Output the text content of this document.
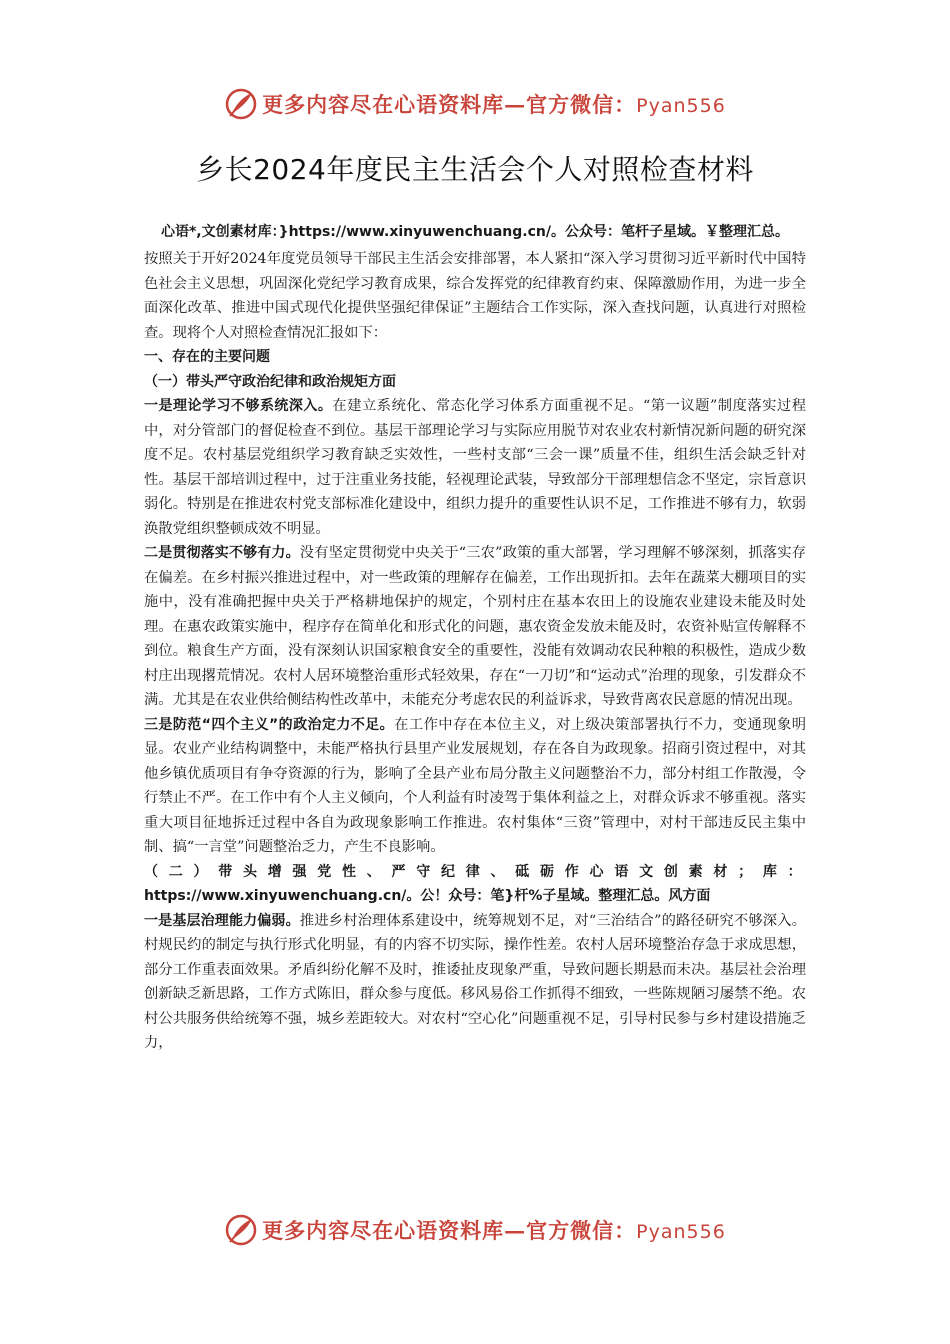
更多内容尽在心语资料库—官方微信：Pyan556
乡长2024年度民主生活会个人对照检查材料

心语*,文创素材库：}https://www.xinyuwenchuang.cn/。公众号：笔杆子星域。￥整理汇总。

按照关于开好2024年度党员领导干部民主生活会安排部署，本人紧扣“深入学习贯彻习近平新时代中国特色社会主义思想，巩固深化党纪学习教育成果，综合发挥党的纪律教育约束、保障激励作用，为进一步全面深化改革、推进中国式现代化提供坚强纪律保证”主题结合工作实际，深入查找问题，认真进行对照检查。现将个人对照检查情况汇报如下：

一、存在的主要问题

（一）带头严守政治纪律和政治规矩方面

一是理论学习不够系统深入。在建立系统化、常态化学习体系方面重视不足。“第一议题”制度落实过程中，对分管部门的督促检查不到位。基层干部理论学习与实际应用脱节对农业农村新情况新问题的研究深度不足。农村基层党组织学习教育缺乏实效性，一些村支部“三会一课”质量不佳，组织生活会缺乏针对性。基层干部培训过程中，过于注重业务技能，轻视理论武装，导致部分干部理想信念不坚定，宗旨意识弱化。特别是在推进农村党支部标准化建设中，组织力提升的重要性认识不足，工作推进不够有力，软弱涣散党组织整顿成效不明显。

二是贯彻落实不够有力。没有坚定贯彻党中央关于“三农”政策的重大部署，学习理解不够深刻，抓落实存在偏差。在乡村振兴推进过程中，对一些政策的理解存在偏差，工作出现折扣。去年在蔬菜大棚项目的实施中，没有准确把握中央关于严格耕地保护的规定，个别村庄在基本农田上的设施农业建设未能及时处理。在惠农政策实施中，程序存在简单化和形式化的问题，惠农资金发放未能及时，农资补贴宣传解释不到位。粮食生产方面，没有深刻认识国家粮食安全的重要性，没能有效调动农民种粮的积极性，造成少数村庄出现撂荒情况。农村人居环境整治重形式轻效果，存在“一刀切”和“运动式”治理的现象，引发群众不满。尤其是在农业供给侧结构性改革中，未能充分考虑农民的利益诉求，导致背离农民意愿的情况出现。

三是防范“四个主义”的政治定力不足。在工作中存在本位主义，对上级决策部署执行不力，变通现象明显。农业产业结构调整中，未能严格执行县里产业发展规划，存在各自为政现象。招商引资过程中，对其他乡镇优质项目有争夺资源的行为，影响了全县产业布局分散主义问题整治不力，部分村组工作散漫，令行禁止不严。在工作中有个人主义倾向，个人利益有时凌驾于集体利益之上，对群众诉求不够重视。落实重大项目征地拆迁过程中各自为政现象影响工作推进。农村集体“三资”管理中，对村干部违反民主集中制、搞“一言堂”问题整治乏力，产生不良影响。

（二）带头增强党性、严守纪律、砥砺作心语文创素材；库： https://www.xinyuwenchuang.cn/。公！众号：笔}杆%子星域。整理汇总。风方面

一是基层治理能力偏弱。推进乡村治理体系建设中，统筹规划不足，对“三治结合”的路径研究不够深入。村规民约的制定与执行形式化明显，有的内容不切实际，操作性差。农村人居环境整治存急于求成思想，部分工作重表面效果。矛盾纠纷化解不及时，推诿扯皮现象严重，导致问题长期悬而未决。基层社会治理创新缺乏新思路，工作方式陈旧，群众参与度低。移风易俗工作抓得不细致，一些陈规陋习屡禁不绝。农村公共服务供给统筹不强，城乡差距较大。对农村“空心化”问题重视不足，引导村民参与乡村建设措施乏力，

更多内容尽在心语资料库—官方微信：Pyan556
